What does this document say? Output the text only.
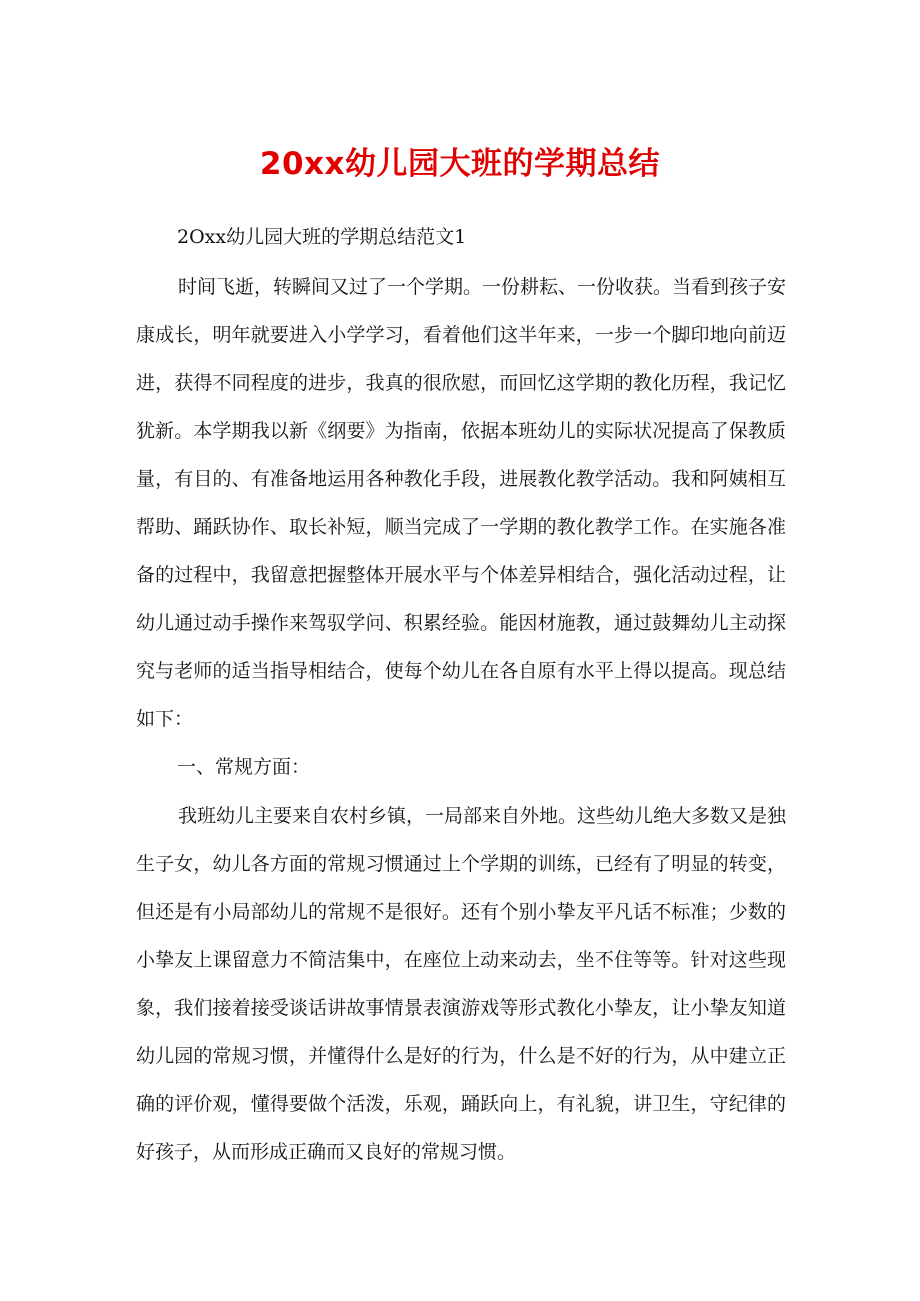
20xx幼儿园大班的学期总结

2Oxx幼儿园大班的学期总结范文1

时间飞逝，转瞬间又过了一个学期。一份耕耘、一份收获。当看到孩子安康成长，明年就要进入小学学习，看着他们这半年来，一步一个脚印地向前迈进，获得不同程度的进步，我真的很欣慰，而回忆这学期的教化历程，我记忆犹新。本学期我以新《纲要》为指南，依据本班幼儿的实际状况提高了保教质量，有目的、有准备地运用各种教化手段，进展教化教学活动。我和阿姨相互帮助、踊跃协作、取长补短，顺当完成了一学期的教化教学工作。在实施各准备的过程中，我留意把握整体开展水平与个体差异相结合，强化活动过程，让幼儿通过动手操作来驾驭学问、积累经验。能因材施教，通过鼓舞幼儿主动探究与老师的适当指导相结合，使每个幼儿在各自原有水平上得以提高。现总结如下：

一、常规方面：

我班幼儿主要来自农村乡镇，一局部来自外地。这些幼儿绝大多数又是独生子女，幼儿各方面的常规习惯通过上个学期的训练，已经有了明显的转变，但还是有小局部幼儿的常规不是很好。还有个别小挚友平凡话不标准；少数的小挚友上课留意力不简洁集中，在座位上动来动去，坐不住等等。针对这些现象，我们接着接受谈话讲故事情景表演游戏等形式教化小挚友，让小挚友知道幼儿园的常规习惯，并懂得什么是好的行为，什么是不好的行为，从中建立正确的评价观，懂得要做个活泼，乐观，踊跃向上，有礼貌，讲卫生，守纪律的好孩子，从而形成正确而又良好的常规习惯。
